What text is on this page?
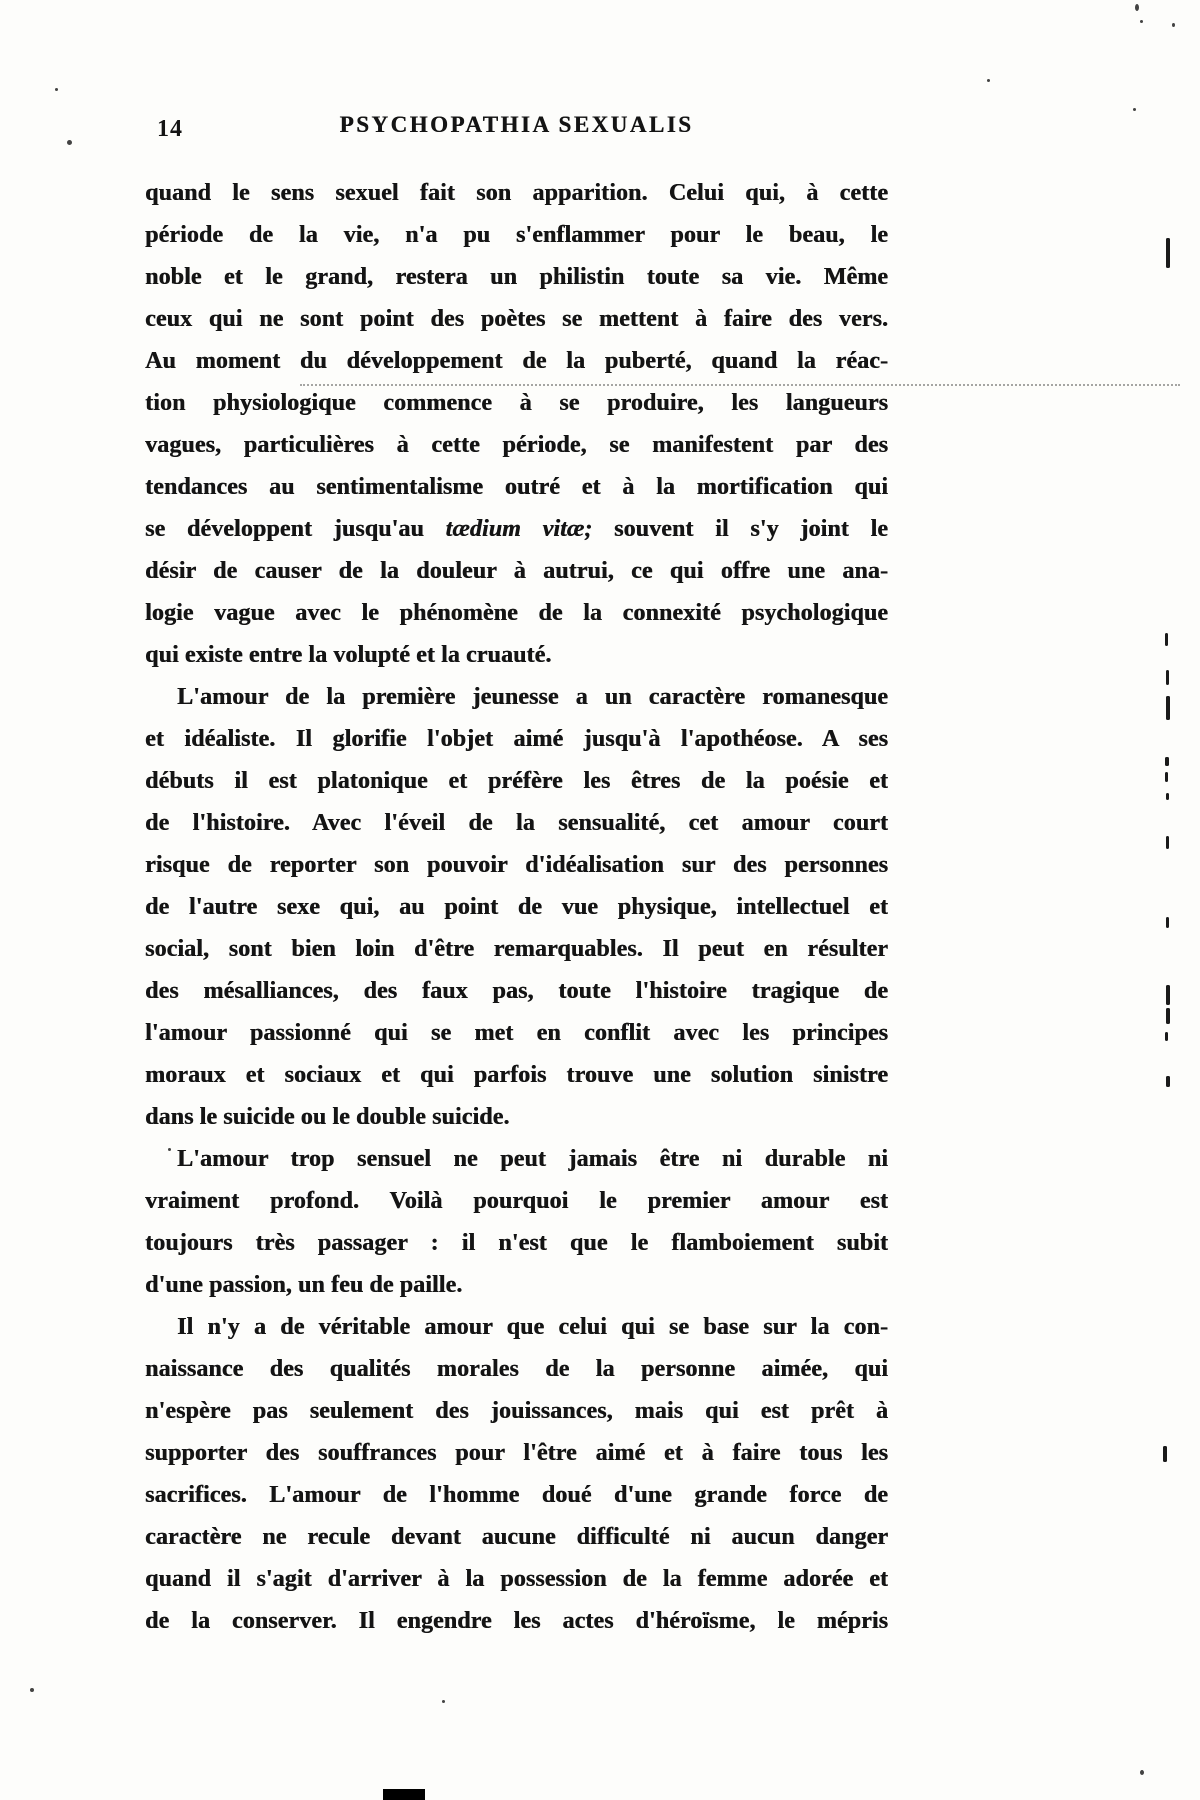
14	PSYCHOPATHIA SEXUALIS
quand le sens sexuel fait son apparition. Celui qui, à cette
période de la vie, n'a pu s'enflammer pour le beau, le
noble et le grand, restera un philistin toute sa vie. Même
ceux qui ne sont point des poètes se mettent à faire des vers.
Au moment du développement de la puberté, quand la réac-
tion physiologique commence à se produire, les langueurs
vagues, particulières à cette période, se manifestent par des
tendances au sentimentalisme outré et à la mortification qui
se développent jusqu'au tædium vitæ; souvent il s'y joint le
désir de causer de la douleur à autrui, ce qui offre une ana-
logie vague avec le phénomène de la connexité psychologique
qui existe entre la volupté et la cruauté.
L'amour de la première jeunesse a un caractère romanesque
et idéaliste. Il glorifie l'objet aimé jusqu'à l'apothéose. A ses
débuts il est platonique et préfère les êtres de la poésie et
de l'histoire. Avec l'éveil de la sensualité, cet amour court
risque de reporter son pouvoir d'idéalisation sur des personnes
de l'autre sexe qui, au point de vue physique, intellectuel et
social, sont bien loin d'être remarquables. Il peut en résulter
des mésalliances, des faux pas, toute l'histoire tragique de
l'amour passionné qui se met en conflit avec les principes
moraux et sociaux et qui parfois trouve une solution sinistre
dans le suicide ou le double suicide.
L'amour trop sensuel ne peut jamais être ni durable ni
vraiment profond. Voilà pourquoi le premier amour est
toujours très passager : il n'est que le flamboiement subit
d'une passion, un feu de paille.
Il n'y a de véritable amour que celui qui se base sur la con-
naissance des qualités morales de la personne aimée, qui
n'espère pas seulement des jouissances, mais qui est prêt à
supporter des souffrances pour l'être aimé et à faire tous les
sacrifices. L'amour de l'homme doué d'une grande force de
caractère ne recule devant aucune difficulté ni aucun danger
quand il s'agit d'arriver à la possession de la femme adorée et
de la conserver. Il engendre les actes d'héroïsme, le mépris
